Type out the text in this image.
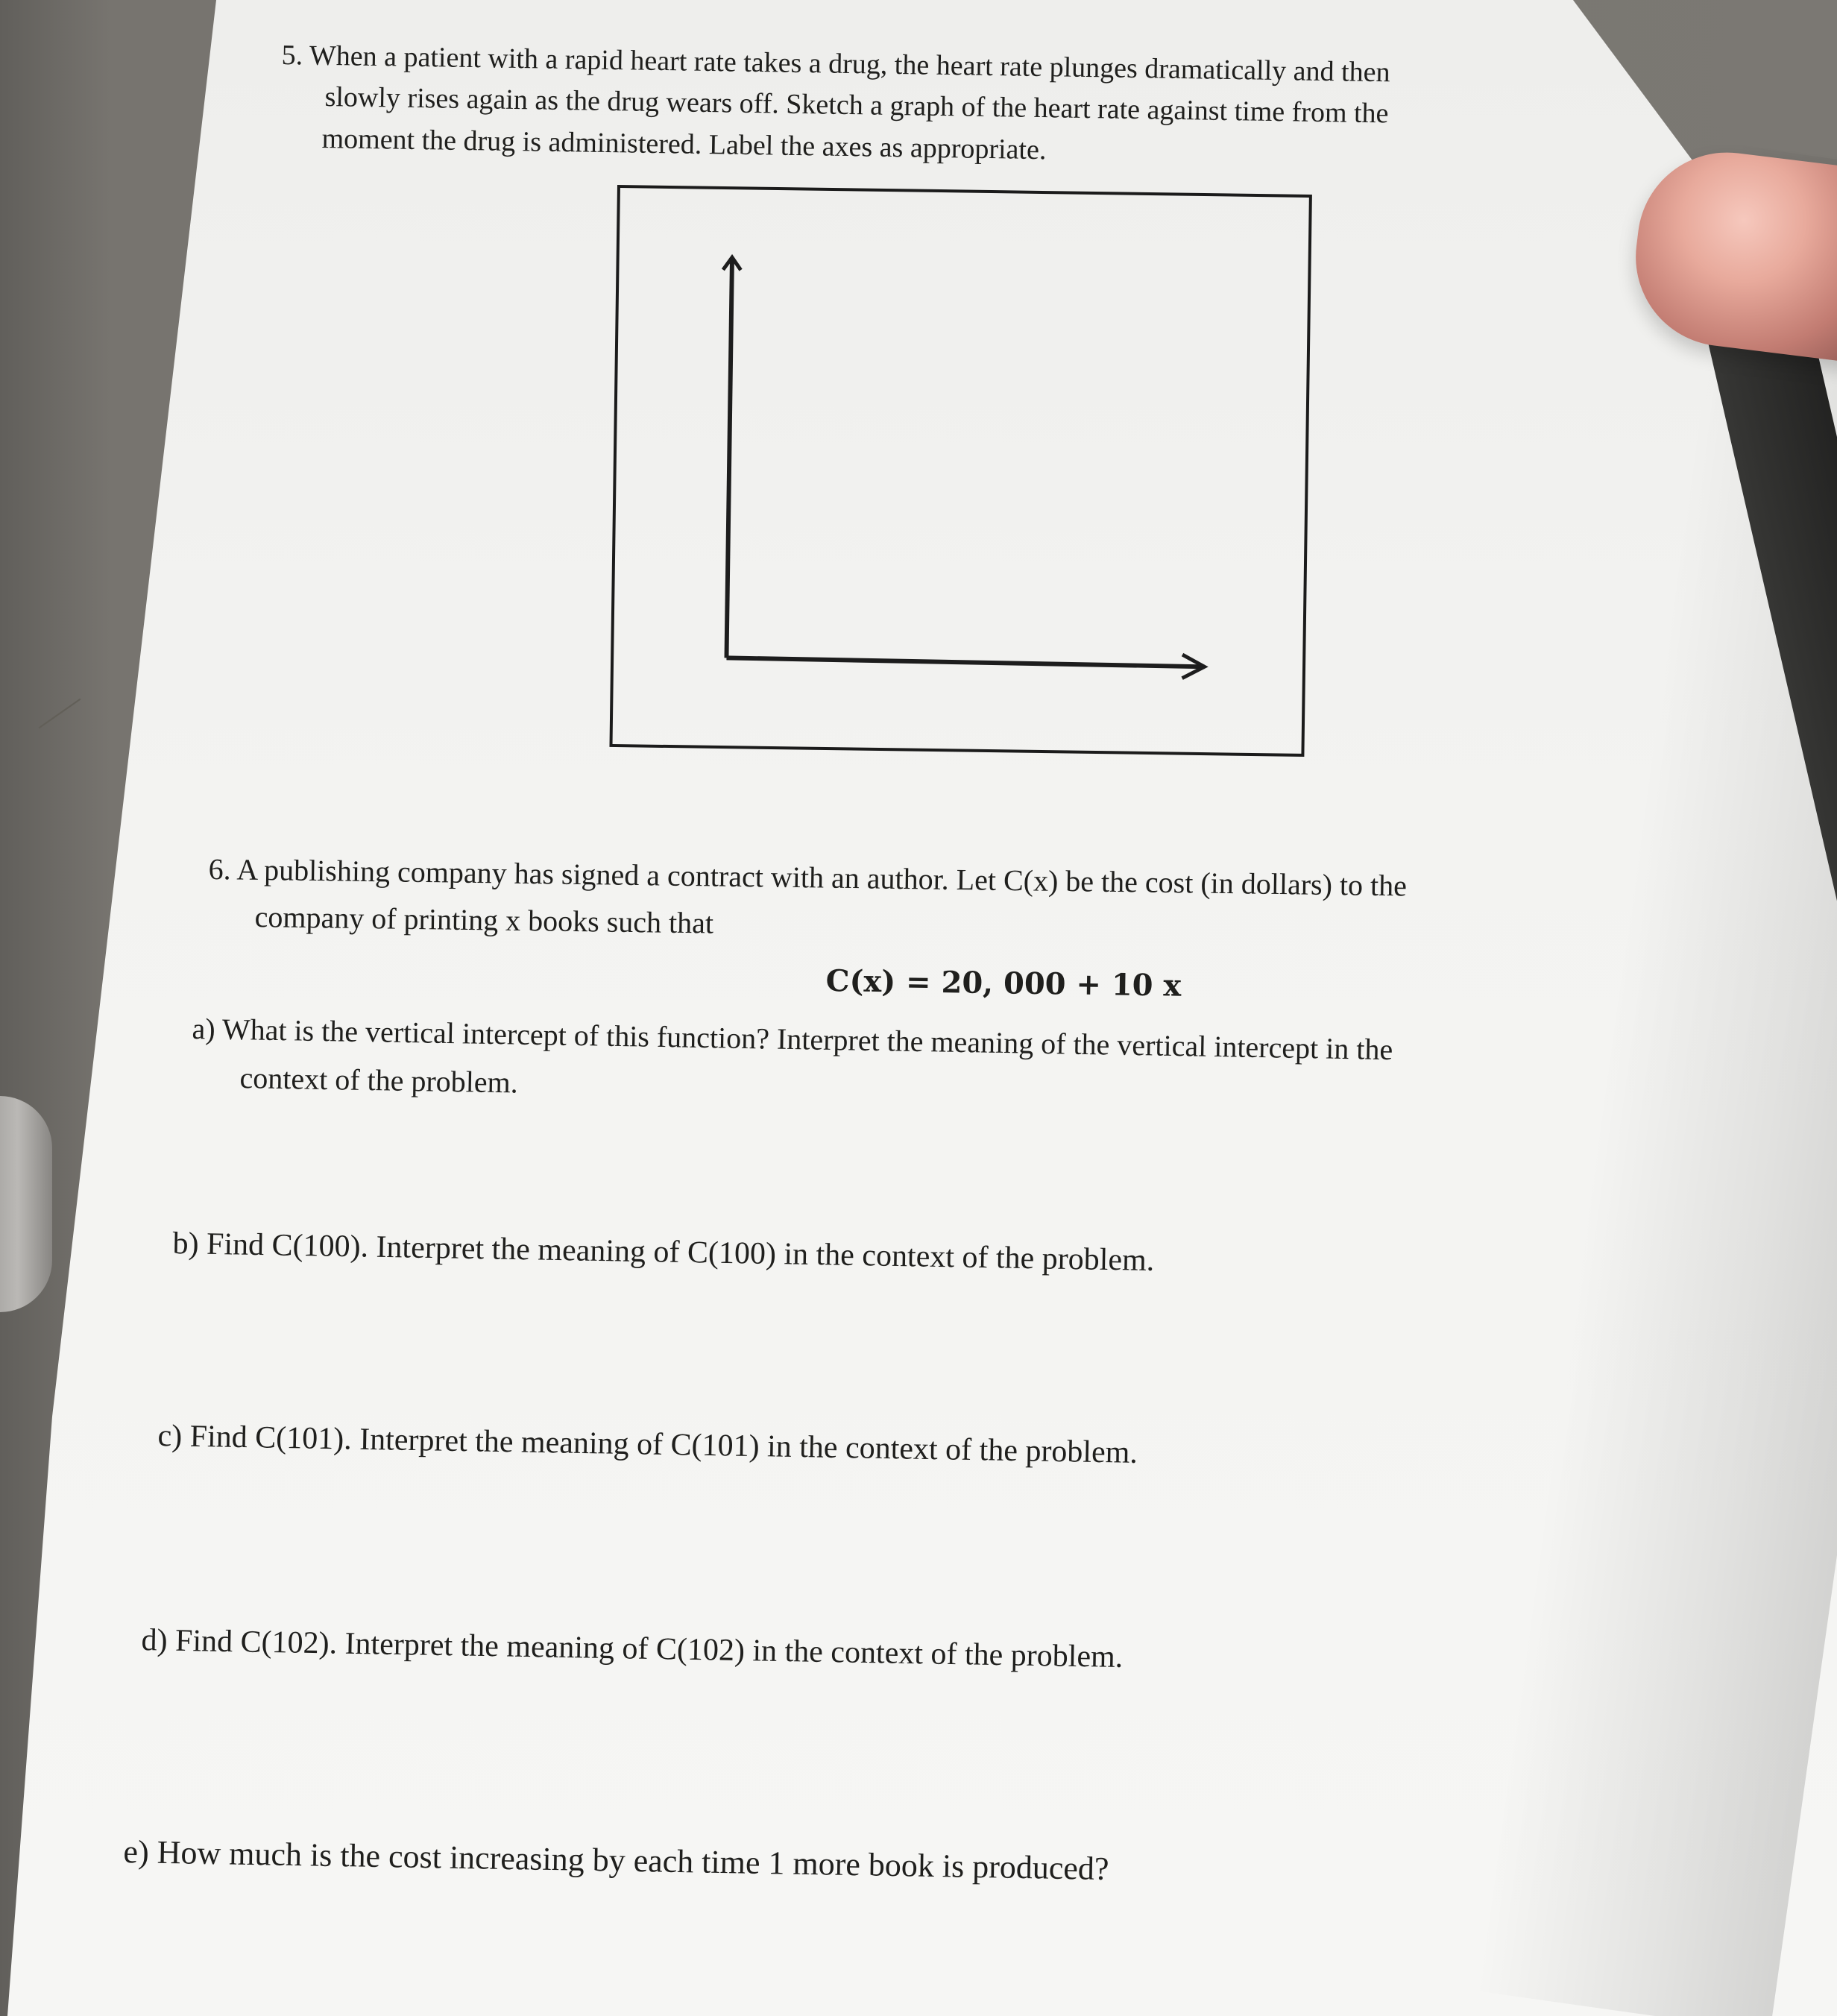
5. When a patient with a rapid heart rate takes a drug, the heart rate plunges dramatically and then
slowly rises again as the drug wears off. Sketch a graph of the heart rate against time from the
moment the drug is administered. Label the axes as appropriate.
6. A publishing company has signed a contract with an author. Let C(x) be the cost (in dollars) to the
company of printing x books such that
C(x) = 20, 000 + 10 x
a) What is the vertical intercept of this function? Interpret the meaning of the vertical intercept in the
context of the problem.
b) Find C(100). Interpret the meaning of C(100) in the context of the problem.
c) Find C(101). Interpret the meaning of C(101) in the context of the problem.
d) Find C(102). Interpret the meaning of C(102) in the context of the problem.
e) How much is the cost increasing by each time 1 more book is produced?
